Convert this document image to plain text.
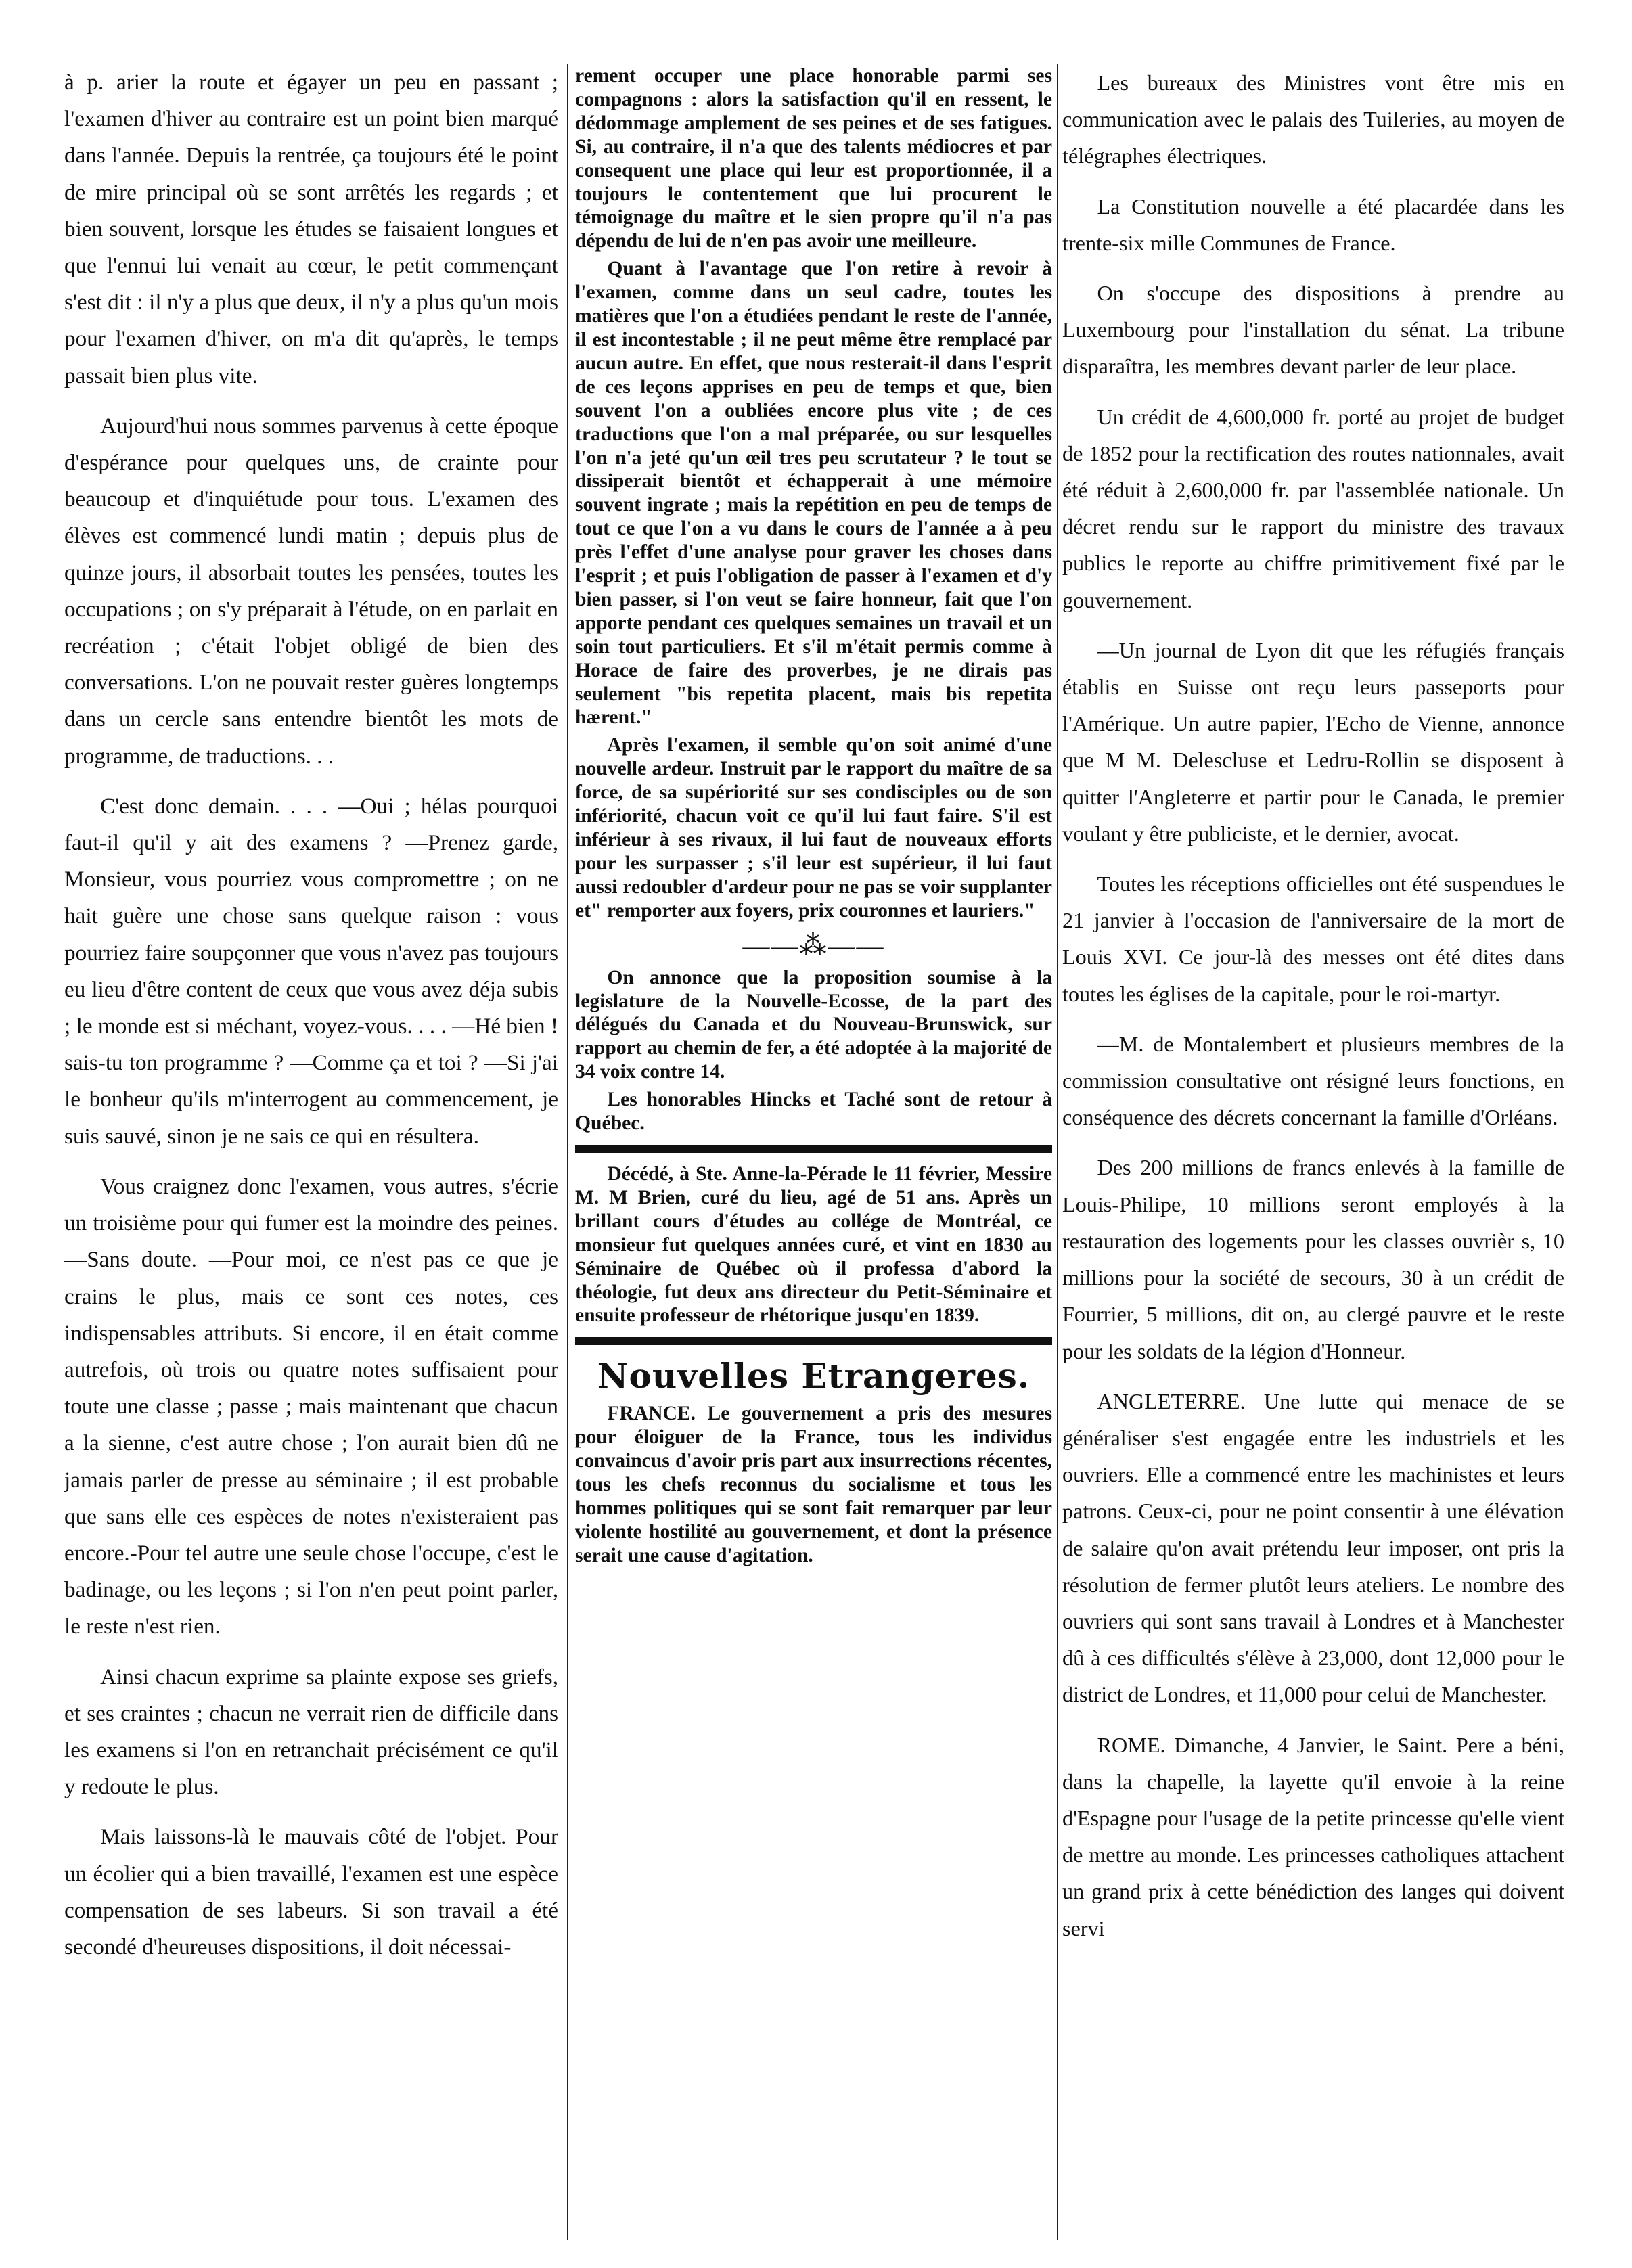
à p. arier la route et égayer un peu en passant ; l'examen d'hiver au contraire est un point bien marqué dans l'année. Depuis la rentrée, ça toujours été le point de mire principal où se sont arrêtés les regards ; et bien souvent, lorsque les études se faisaient longues et que l'ennui lui venait au cœur, le petit commençant s'est dit : il n'y a plus que deux, il n'y a plus qu'un mois pour l'examen d'hiver, on m'a dit qu'après, le temps passait bien plus vite.

Aujourd'hui nous sommes parvenus à cette époque d'espérance pour quelques uns, de crainte pour beaucoup et d'inquiétude pour tous. L'examen des élèves est commencé lundi matin ; depuis plus de quinze jours, il absorbait toutes les pensées, toutes les occupations ; on s'y préparait à l'étude, on en parlait en recréation ; c'était l'objet obligé de bien des conversations. L'on ne pouvait rester guères longtemps dans un cercle sans entendre bientôt les mots de programme, de traductions. . .

C'est donc demain. . . . —Oui ; hélas pourquoi faut-il qu'il y ait des examens ? —Prenez garde, Monsieur, vous pourriez vous compromettre ; on ne hait guère une chose sans quelque raison : vous pourriez faire soupçonner que vous n'avez pas toujours eu lieu d'être content de ceux que vous avez déja subis ; le monde est si méchant, voyez-vous. . . . —Hé bien ! sais-tu ton programme ? —Comme ça et toi ? —Si j'ai le bonheur qu'ils m'interrogent au commencement, je suis sauvé, sinon je ne sais ce qui en résultera.

Vous craignez donc l'examen, vous autres, s'écrie un troisième pour qui fumer est la moindre des peines. —Sans doute. —Pour moi, ce n'est pas ce que je crains le plus, mais ce sont ces notes, ces indispensables attributs. Si encore, il en était comme autrefois, où trois ou quatre notes suffisaient pour toute une classe ; passe ; mais maintenant que chacun a la sienne, c'est autre chose ; l'on aurait bien dû ne jamais parler de presse au séminaire ; il est probable que sans elle ces espèces de notes n'existeraient pas encore.-Pour tel autre une seule chose l'occupe, c'est le badinage, ou les leçons ; si l'on n'en peut point parler, le reste n'est rien.

Ainsi chacun exprime sa plainte expose ses griefs, et ses craintes ; chacun ne verrait rien de difficile dans les examens si l'on en retranchait précisément ce qu'il y redoute le plus.

Mais laissons-là le mauvais côté de l'objet. Pour un écolier qui a bien travaillé, l'examen est une espèce compensation de ses labeurs. Si son travail a été secondé d'heureuses dispositions, il doit nécessai-

rement occuper une place honorable parmi ses compagnons : alors la satisfaction qu'il en ressent, le dédommage amplement de ses peines et de ses fatigues. Si, au contraire, il n'a que des talents médiocres et par consequent une place qui leur est proportionnée, il a toujours le contentement que lui procurent le témoignage du maître et le sien propre qu'il n'a pas dépendu de lui de n'en pas avoir une meilleure.

Quant à l'avantage que l'on retire à revoir à l'examen, comme dans un seul cadre, toutes les matières que l'on a étudiées pendant le reste de l'année, il est incontestable ; il ne peut même être remplacé par aucun autre. En effet, que nous resterait-il dans l'esprit de ces leçons apprises en peu de temps et que, bien souvent l'on a oubliées encore plus vite ; de ces traductions que l'on a mal préparée, ou sur lesquelles l'on n'a jeté qu'un œil tres peu scrutateur ? le tout se dissiperait bientôt et échapperait à une mémoire souvent ingrate ; mais la repétition en peu de temps de tout ce que l'on a vu dans le cours de l'année a à peu près l'effet d'une analyse pour graver les choses dans l'esprit ; et puis l'obligation de passer à l'examen et d'y bien passer, si l'on veut se faire honneur, fait que l'on apporte pendant ces quelques semaines un travail et un soin tout particuliers. Et s'il m'était permis comme à Horace de faire des proverbes, je ne dirais pas seulement "bis repetita placent, mais bis repetita hærent."

Après l'examen, il semble qu'on soit animé d'une nouvelle ardeur. Instruit par le rapport du maître de sa force, de sa supériorité sur ses condisciples ou de son infériorité, chacun voit ce qu'il lui faut faire. S'il est inférieur à ses rivaux, il lui faut de nouveaux efforts pour les surpasser ; s'il leur est supérieur, il lui faut aussi redoubler d'ardeur pour ne pas se voir supplanter et" remporter aux foyers, prix couronnes et lauriers."

——⁂——

On annonce que la proposition soumise à la legislature de la Nouvelle-Ecosse, de la part des délégués du Canada et du Nouveau-Brunswick, sur rapport au chemin de fer, a été adoptée à la majorité de 34 voix contre 14.

Les honorables Hincks et Taché sont de retour à Québec.

Décédé, à Ste. Anne-la-Pérade le 11 février, Messire M. M Brien, curé du lieu, agé de 51 ans. Après un brillant cours d'études au collége de Montréal, ce monsieur fut quelques années curé, et vint en 1830 au Séminaire de Québec où il professa d'abord la théologie, fut deux ans directeur du Petit-Séminaire et ensuite professeur de rhétorique jusqu'en 1839.

Nouvelles Etrangeres.

FRANCE. Le gouvernement a pris des mesures pour éloiguer de la France, tous les individus convaincus d'avoir pris part aux insurrections récentes, tous les chefs reconnus du socialisme et tous les hommes politiques qui se sont fait remarquer par leur violente hostilité au gouvernement, et dont la présence serait une cause d'agitation.

Les bureaux des Ministres vont être mis en communication avec le palais des Tuileries, au moyen de télégraphes électriques.

La Constitution nouvelle a été placardée dans les trente-six mille Communes de France.

On s'occupe des dispositions à prendre au Luxembourg pour l'installation du sénat. La tribune disparaîtra, les membres devant parler de leur place.

Un crédit de 4,600,000 fr. porté au projet de budget de 1852 pour la rectification des routes nationnales, avait été réduit à 2,600,000 fr. par l'assemblée nationale. Un décret rendu sur le rapport du ministre des travaux publics le reporte au chiffre primitivement fixé par le gouvernement.

—Un journal de Lyon dit que les réfugiés français établis en Suisse ont reçu leurs passeports pour l'Amérique. Un autre papier, l'Echo de Vienne, annonce que M M. Delescluse et Ledru-Rollin se disposent à quitter l'Angleterre et partir pour le Canada, le premier voulant y être publiciste, et le dernier, avocat.

Toutes les réceptions officielles ont été suspendues le 21 janvier à l'occasion de l'anniversaire de la mort de Louis XVI. Ce jour-là des messes ont été dites dans toutes les églises de la capitale, pour le roi-martyr.

—M. de Montalembert et plusieurs membres de la commission consultative ont résigné leurs fonctions, en conséquence des décrets concernant la famille d'Orléans.

Des 200 millions de francs enlevés à la famille de Louis-Philipe, 10 millions seront employés à la restauration des logements pour les classes ouvrièr s, 10 millions pour la société de secours, 30 à un crédit de Fourrier, 5 millions, dit on, au clergé pauvre et le reste pour les soldats de la légion d'Honneur.

ANGLETERRE. Une lutte qui menace de se généraliser s'est engagée entre les industriels et les ouvriers. Elle a commencé entre les machinistes et leurs patrons. Ceux-ci, pour ne point consentir à une élévation de salaire qu'on avait prétendu leur imposer, ont pris la résolution de fermer plutôt leurs ateliers. Le nombre des ouvriers qui sont sans travail à Londres et à Manchester dû à ces difficultés s'élève à 23,000, dont 12,000 pour le district de Londres, et 11,000 pour celui de Manchester.

ROME. Dimanche, 4 Janvier, le Saint. Pere a béni, dans la chapelle, la layette qu'il envoie à la reine d'Espagne pour l'usage de la petite princesse qu'elle vient de mettre au monde. Les princesses catholiques attachent un grand prix à cette bénédiction des langes qui doivent servi
